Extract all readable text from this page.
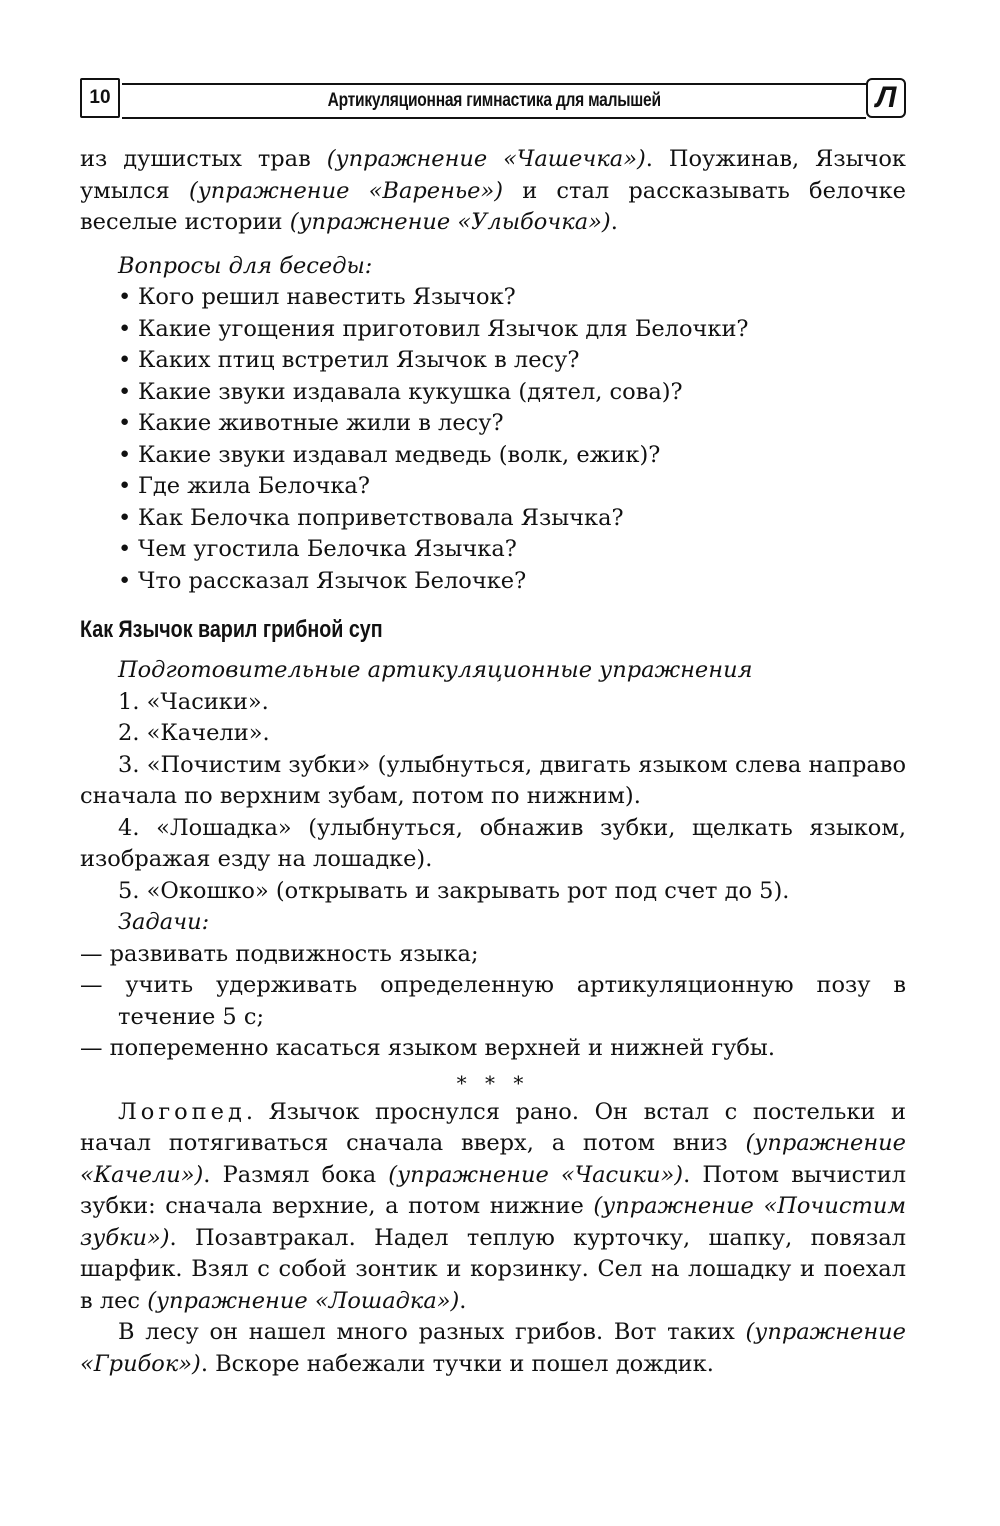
Артикуляционная гимнастика для малышей
10	Л

из душистых трав (упражнение «Чашечка»). Поужинав, Язычок умылся (упражнение «Варенье») и стал рассказывать белочке веселые истории (упражнение «Улыбочка»).

Вопросы для беседы:

• Кого решил навестить Язычок?
• Какие угощения приготовил Язычок для Белочки?
• Каких птиц встретил Язычок в лесу?
• Какие звуки издавала кукушка (дятел, сова)?
• Какие животные жили в лесу?
• Какие звуки издавал медведь (волк, ежик)?
• Где жила Белочка?
• Как Белочка поприветствовала Язычка?
• Чем угостила Белочка Язычка?
• Что рассказал Язычок Белочке?
Как Язычок варил грибной суп

Подготовительные артикуляционные упражнения

1. «Часики».
2. «Качели».
3. «Почистим зубки» (улыбнуться, двигать языком слева направо сначала по верхним зубам, потом по нижним).
4. «Лошадка» (улыбнуться, обнажив зубки, щелкать языком, изображая езду на лошадке).
5. «Окошко» (открывать и закрывать рот под счет до 5).

Задачи:

— развивать подвижность языка;
— учить удерживать определенную артикуляционную позу в течение 5 с;
— попеременно касаться языком верхней и нижней губы.
* * *

Логопед. Язычок проснулся рано. Он встал с постельки и начал потягиваться сначала вверх, а потом вниз (упражнение «Качели»). Размял бока (упражнение «Часики»). Потом вычистил зубки: сначала верхние, а потом нижние (упражнение «Почистим зубки»). Позавтракал. Надел теплую курточку, шапку, повязал шарфик. Взял с собой зонтик и корзинку. Сел на лошадку и поехал в лес (упражнение «Лошадка»).

В лесу он нашел много разных грибов. Вот таких (упражнение «Грибок»). Вскоре набежали тучки и пошел дождик.
